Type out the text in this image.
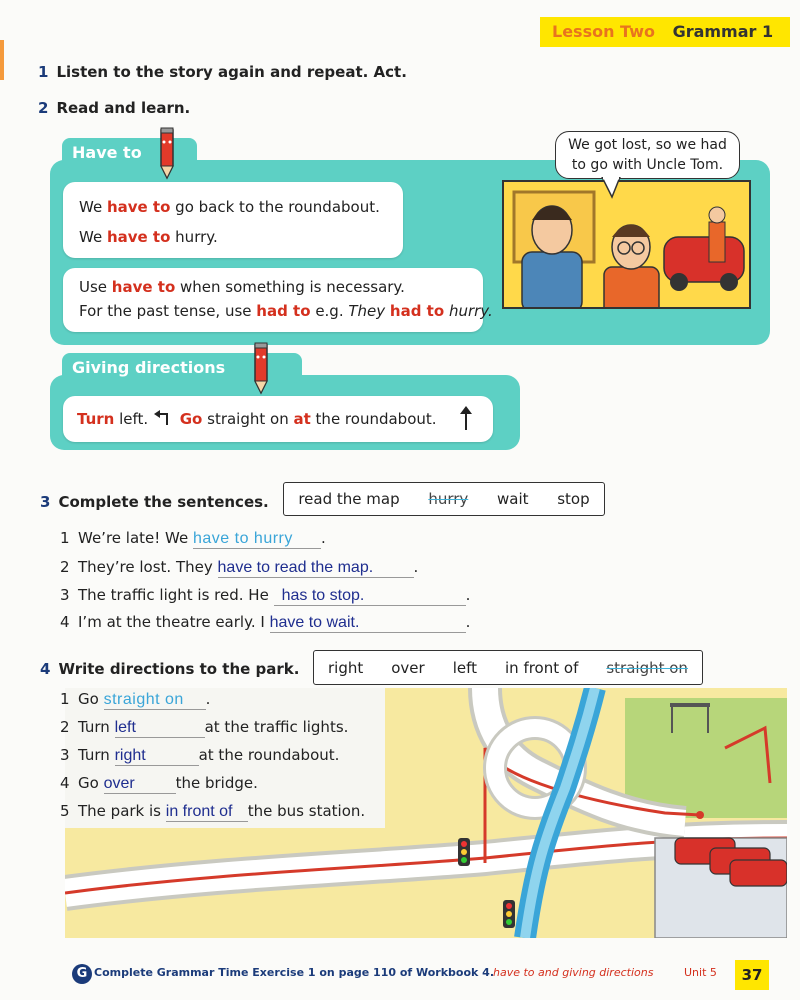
Lesson Two Grammar 1
1 Listen to the story again and repeat. Act.
2 Read and learn.
Have to
We have to go back to the roundabout.
We have to hurry.
Use have to when something is necessary.
For the past tense, use had to e.g. They had to hurry.
We got lost, so we had
to go with Uncle Tom.
Giving directions
Turn left.  Go straight on at the roundabout.
3 Complete the sentences. read the map hurry wait stop
1 We’re late! We have to hurry .
2 They’re lost. They have to read the map.	.
3 The traffic light is red. He has to stop.	.
4 I’m at the theatre early. I have to wait.	.
4 Write directions to the park. right over left in front of straight on
1 Go straight on .
2 Turn left	at the traffic lights.
3 Turn right	at the roundabout.
4 Go over	the bridge.
5 The park is in front of the bus station.
G Complete Grammar Time Exercise 1 on page 110 of Workbook 4.
have to and giving directions	Unit 5	37
